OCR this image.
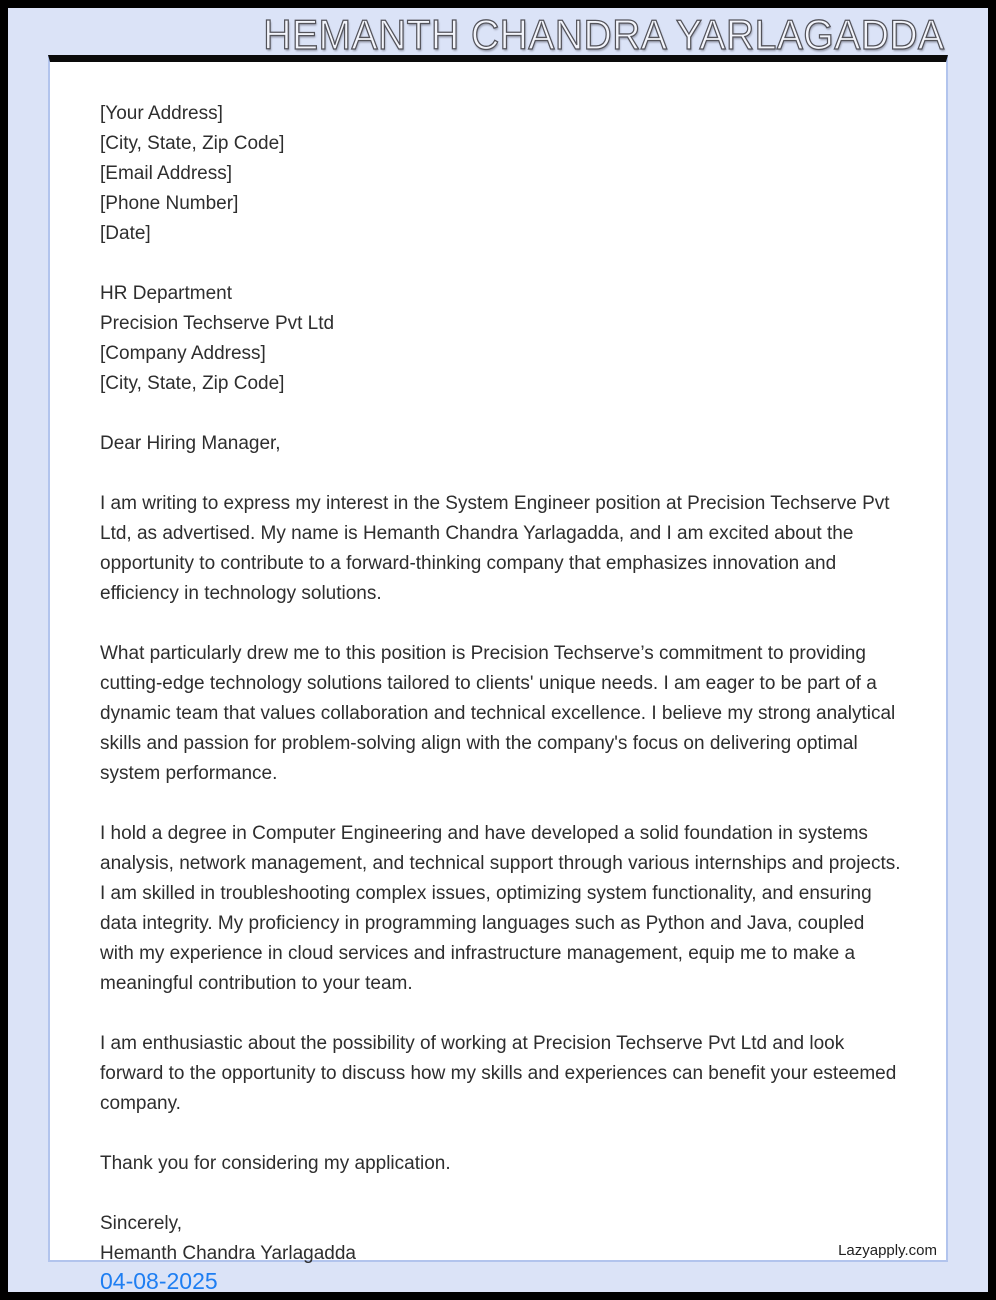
HEMANTH CHANDRA YARLAGADDA
[Your Address]
[City, State, Zip Code]
[Email Address]
[Phone Number]
[Date]
HR Department
Precision Techserve Pvt Ltd
[Company Address]
[City, State, Zip Code]

Dear Hiring Manager,

I am writing to express my interest in the System Engineer position at Precision Techserve Pvt Ltd, as advertised. My name is Hemanth Chandra Yarlagadda, and I am excited about the opportunity to contribute to a forward-thinking company that emphasizes innovation and efficiency in technology solutions.

What particularly drew me to this position is Precision Techserve’s commitment to providing cutting-edge technology solutions tailored to clients' unique needs. I am eager to be part of a dynamic team that values collaboration and technical excellence. I believe my strong analytical skills and passion for problem-solving align with the company's focus on delivering optimal system performance.

I hold a degree in Computer Engineering and have developed a solid foundation in systems analysis, network management, and technical support through various internships and projects. I am skilled in troubleshooting complex issues, optimizing system functionality, and ensuring data integrity. My proficiency in programming languages such as Python and Java, coupled with my experience in cloud services and infrastructure management, equip me to make a meaningful contribution to your team.

I am enthusiastic about the possibility of working at Precision Techserve Pvt Ltd and look forward to the opportunity to discuss how my skills and experiences can benefit your esteemed company.

Thank you for considering my application.

Sincerely,
Hemanth Chandra Yarlagadda	Lazyapply.com
04-08-2025
